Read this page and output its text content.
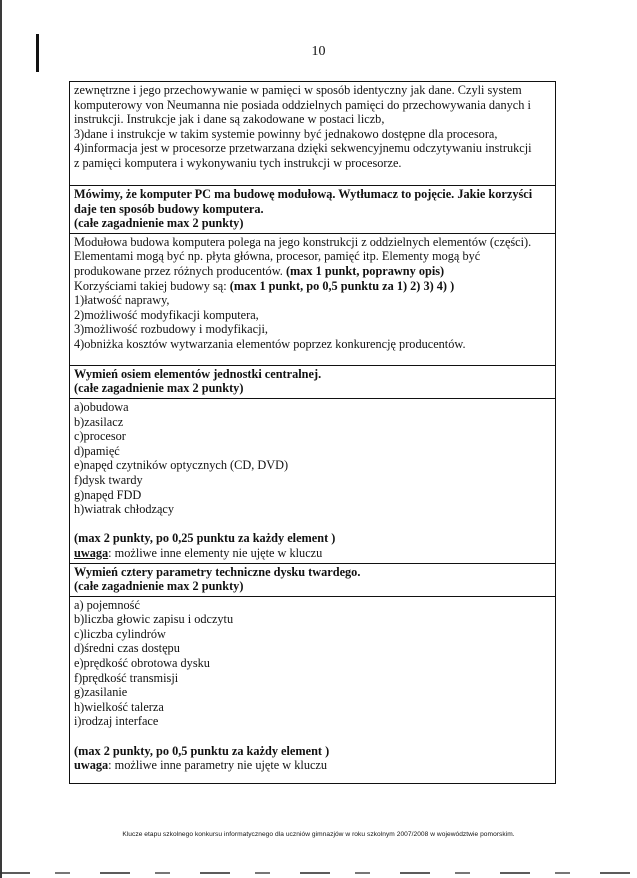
10
zewnętrzne i jego przechowywanie w pamięci w sposób identyczny jak dane. Czyli system
komputerowy von Neumanna nie posiada oddzielnych pamięci do przechowywania danych i
instrukcji. Instrukcje jak i dane są zakodowane w postaci liczb,
3)dane i instrukcje w takim systemie powinny być jednakowo dostępne dla procesora,
4)informacja jest w procesorze przetwarzana dzięki sekwencyjnemu odczytywaniu instrukcji
z pamięci komputera i wykonywaniu tych instrukcji w procesorze.

Mówimy, że komputer PC ma budowę modułową. Wytłumacz to pojęcie. Jakie korzyści
daje ten sposób budowy komputera.
(całe zagadnienie max 2 punkty)

Modułowa budowa komputera polega na jego konstrukcji z oddzielnych elementów (części).
Elementami mogą być np. płyta główna, procesor, pamięć itp. Elementy mogą być
produkowane przez różnych producentów. (max 1 punkt, poprawny opis)
Korzyściami takiej budowy są: (max 1 punkt, po 0,5 punktu za 1) 2) 3) 4) )
1)łatwość naprawy,
2)możliwość modyfikacji komputera,
3)możliwość rozbudowy i modyfikacji,
4)obniżka kosztów wytwarzania elementów poprzez konkurencję producentów.

Wymień osiem elementów jednostki centralnej.
(całe zagadnienie max 2 punkty)

a)obudowa
b)zasilacz
c)procesor
d)pamięć
e)napęd czytników optycznych (CD, DVD)
f)dysk twardy
g)napęd FDD
h)wiatrak chłodzący
(max 2 punkty, po 0,25 punktu za każdy element )
uwaga: możliwe inne elementy nie ujęte w kluczu

Wymień cztery parametry techniczne dysku twardego.
(całe zagadnienie max 2 punkty)

a) pojemność
b)liczba głowic zapisu i odczytu
c)liczba cylindrów
d)średni czas dostępu
e)prędkość obrotowa dysku
f)prędkość transmisji
g)zasilanie
h)wielkość talerza
i)rodzaj interface
(max 2 punkty, po 0,5 punktu za każdy element )
uwaga: możliwe inne parametry nie ujęte w kluczu
Klucze etapu szkolnego konkursu informatycznego dla uczniów gimnazjów w roku szkolnym 2007/2008 w województwie pomorskim.
